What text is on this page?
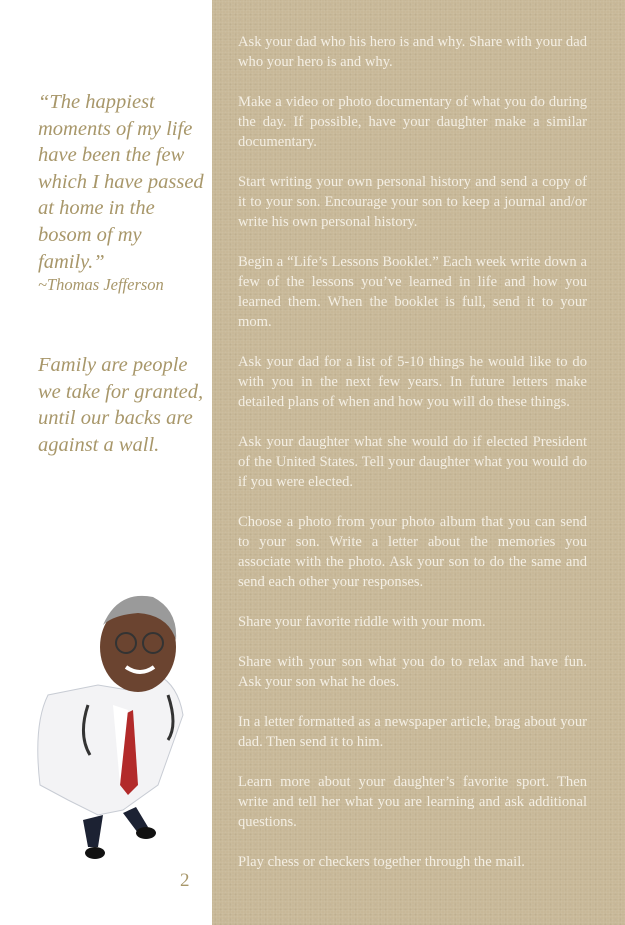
“The happiest moments of my life have been the few which I have passed at home in the bosom of my family.”
~Thomas Jefferson
Family are people we take for granted, until our backs are against a wall.
2

Ask your dad who his hero is and why. Share with your dad who your hero is and why.

Make a video or photo documentary of what you do during the day. If possible, have your daughter make a similar documentary.

Start writing your own personal history and send a copy of it to your son. Encourage your son to keep a journal and/or write his own personal history.

Begin a “Life’s Lessons Booklet.” Each week write down a few of the lessons you’ve learned in life and how you learned them. When the booklet is full, send it to your mom.

Ask your dad for a list of 5-10 things he would like to do with you in the next few years. In future letters make detailed plans of when and how you will do these things.

Ask your daughter what she would do if elected President of the United States. Tell your daughter what you would do if you were elected.

Choose a photo from your photo album that you can send to your son. Write a letter about the memories you associate with the photo. Ask your son to do the same and send each other your responses.

Share your favorite riddle with your mom.

Share with your son what you do to relax and have fun. Ask your son what he does.

In a letter formatted as a newspaper article, brag about your dad. Then send it to him.

Learn more about your daughter’s favorite sport. Then write and tell her what you are learning and ask additional questions.

Play chess or checkers together through the mail.
